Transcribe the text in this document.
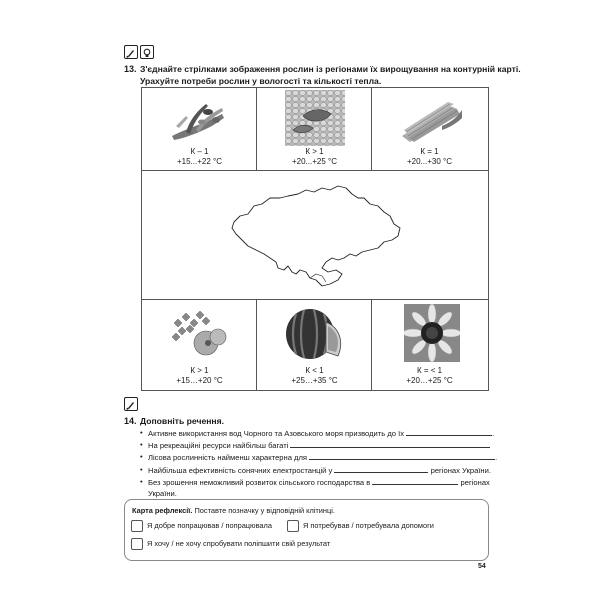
13. З'єднайте стрілками зображення рослин із регіонами їх вирощування на контурній карті.
Урахуйте потреби рослин у вологості та кількості тепла.
К – 1
+15...+22 °С
К > 1
+20...+25 °С
К = 1
+20...+30 °С
К > 1
+15…+20 °С
К < 1
+25…+35 °С
К = < 1
+20…+25 °С
14. Доповніть речення.
• Активне використання вод Чорного та Азовського моря призводить до їх	.
• На рекреаційні ресурси найбільш багаті
• Лісова рослинність найменш характерна для	.
• Найбільша ефективність сонячних електростанцій у	регіонах України.
• Без зрошення неможливий розвиток сільського господарства в	регіонах
України.
Карта рефлексії. Поставте позначку у відповідній клітинці.
Я добре попрацював / попрацювала	Я потребував / потребувала допомоги
Я хочу / не хочу спробувати поліпшити свій результат
54
